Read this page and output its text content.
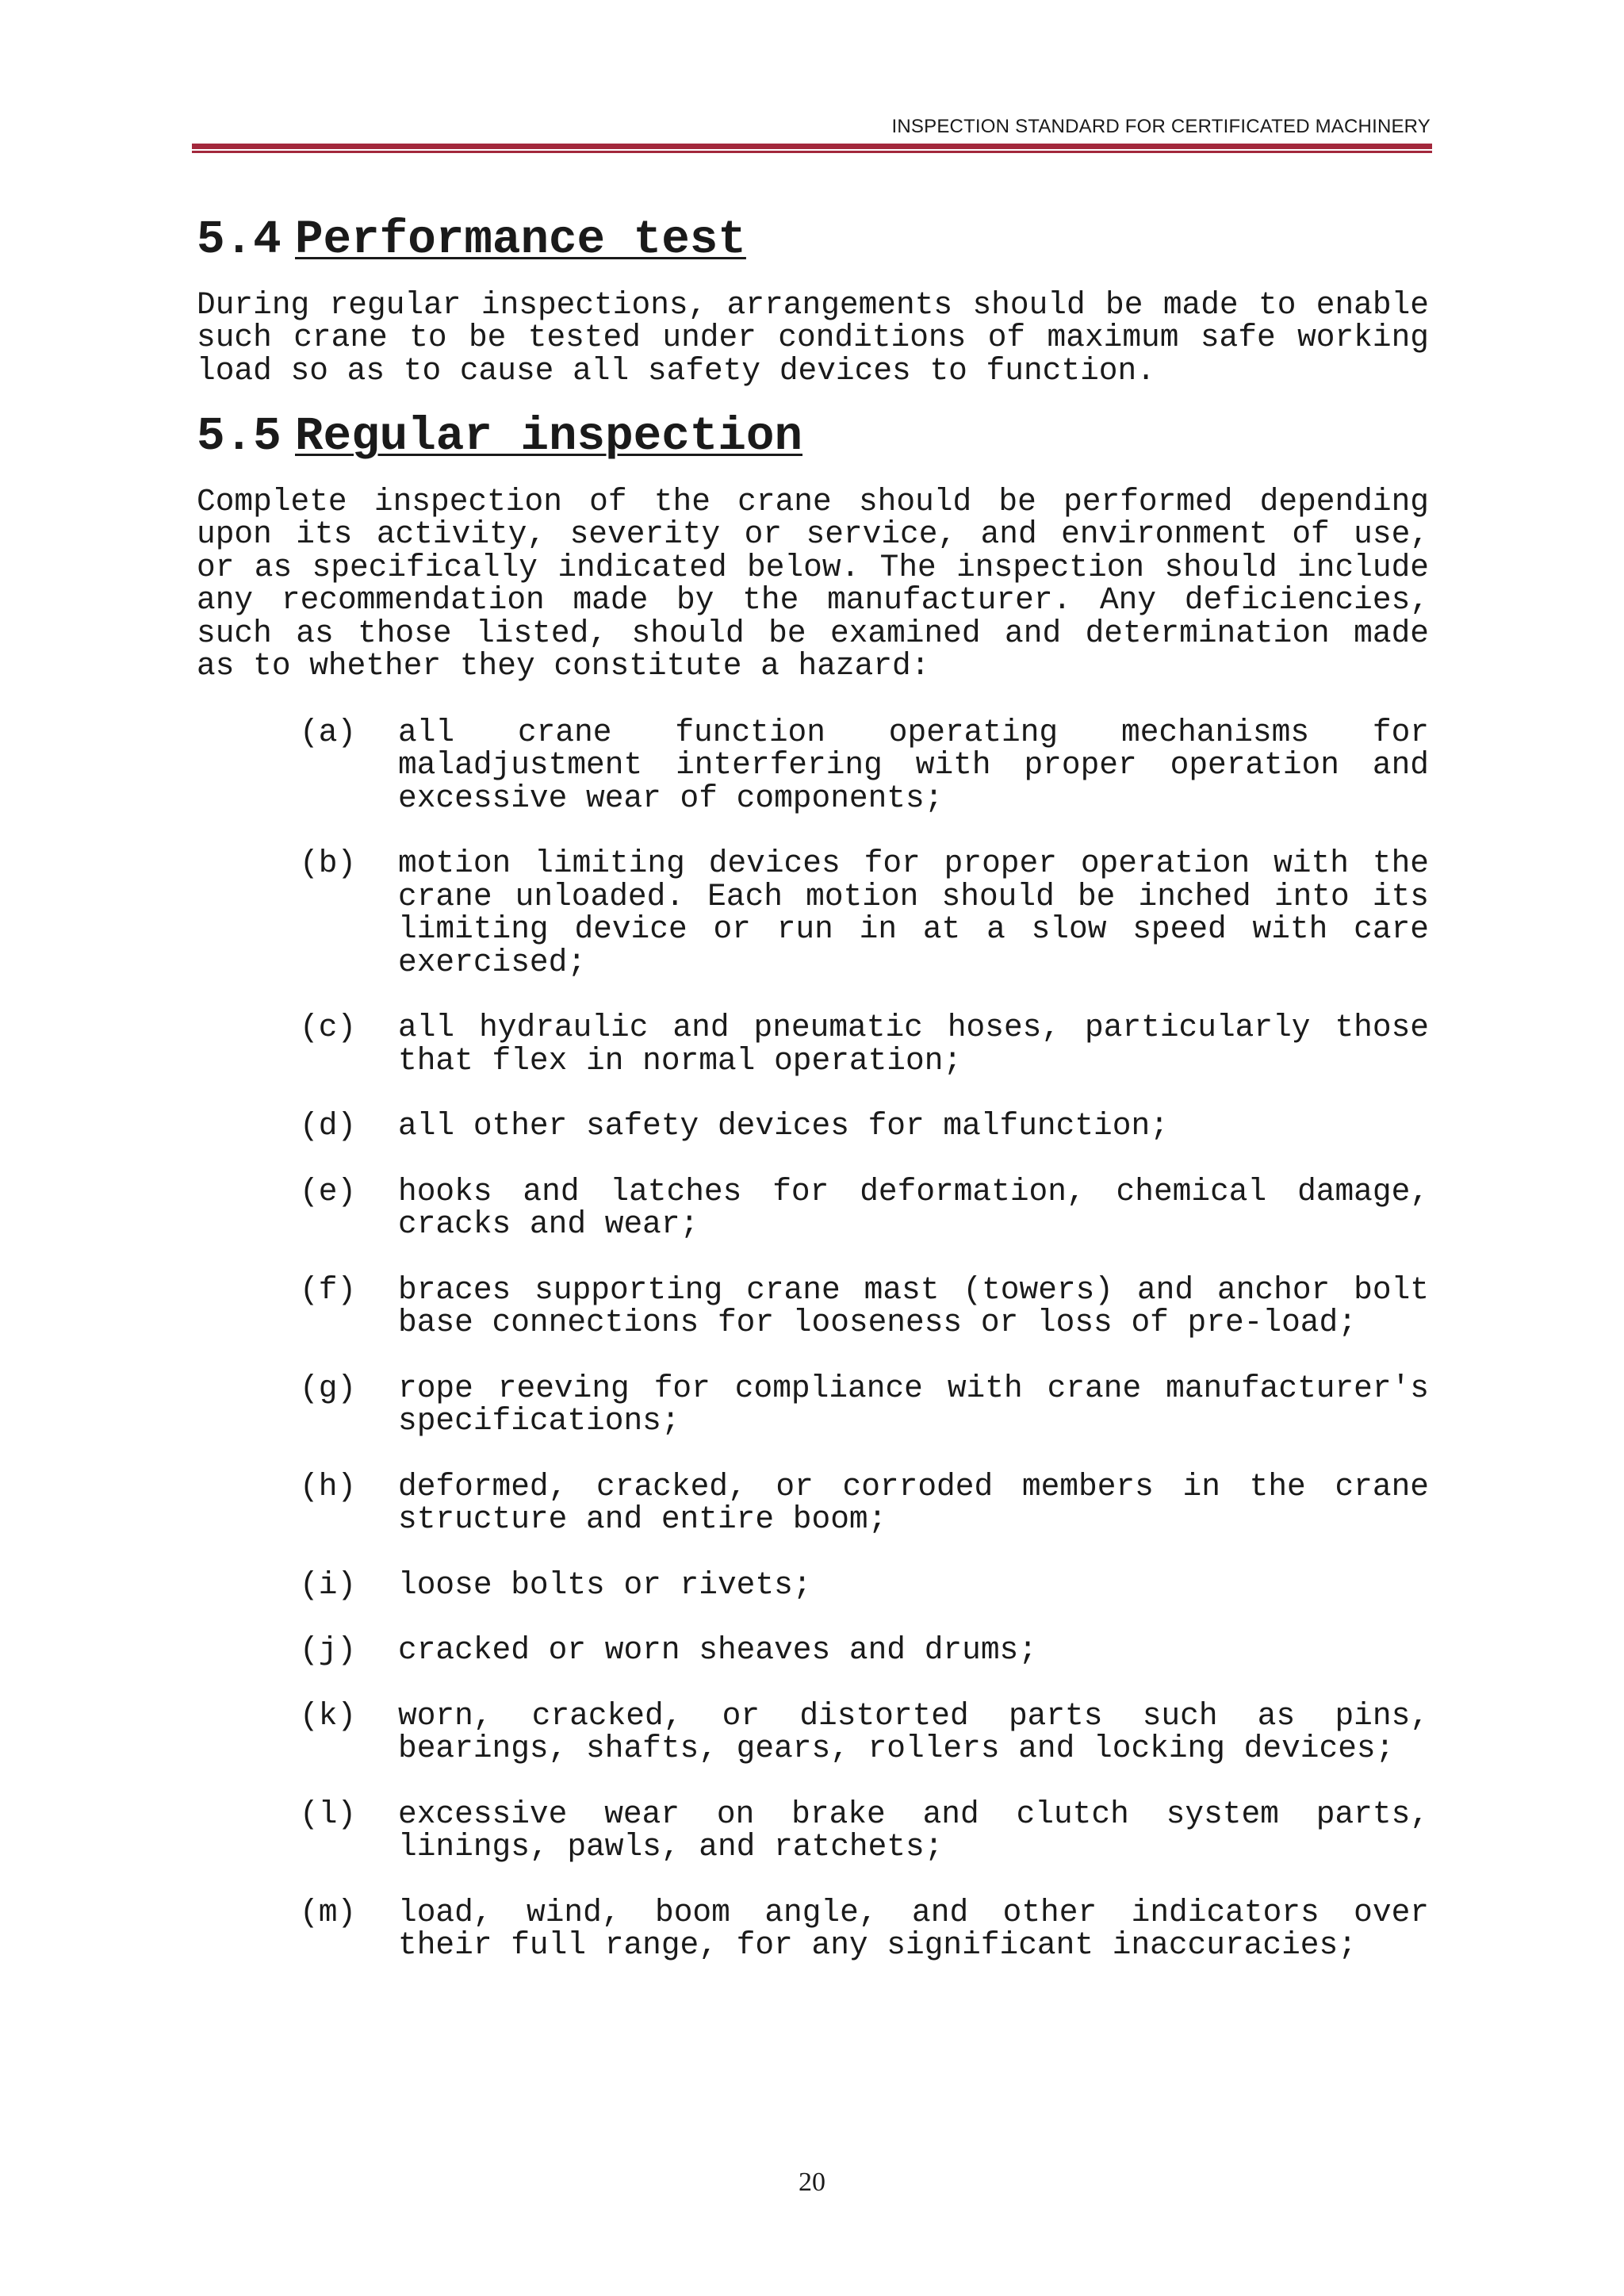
INSPECTION STANDARD FOR CERTIFICATED MACHINERY
5.4 Performance test

During regular inspections, arrangements should be made to enable such crane to be tested under conditions of maximum safe working load so as to cause all safety devices to function.

5.5 Regular inspection

Complete inspection of the crane should be performed depending upon its activity, severity or service, and environment of use, or as specifically indicated below. The inspection should include any recommendation made by the manufacturer. Any deficiencies, such as those listed, should be examined and determination made as to whether they constitute a hazard:

(a)	all crane function operating mechanisms for maladjustment interfering with proper operation and excessive wear of components;
(b)	motion limiting devices for proper operation with the crane unloaded. Each motion should be inched into its limiting device or run in at a slow speed with care exercised;
(c)	all hydraulic and pneumatic hoses, particularly those that flex in normal operation;
(d)	all other safety devices for malfunction;
(e)	hooks and latches for deformation, chemical damage, cracks and wear;
(f)	braces supporting crane mast (towers) and anchor bolt base connections for looseness or loss of pre-load;
(g)	rope reeving for compliance with crane manufacturer's specifications;
(h)	deformed, cracked, or corroded members in the crane structure and entire boom;
(i)	loose bolts or rivets;
(j)	cracked or worn sheaves and drums;
(k)	worn, cracked, or distorted parts such as pins, bearings, shafts, gears, rollers and locking devices;
(l)	excessive wear on brake and clutch system parts, linings, pawls, and ratchets;
(m)	load, wind, boom angle, and other indicators over their full range, for any significant inaccuracies;
20
